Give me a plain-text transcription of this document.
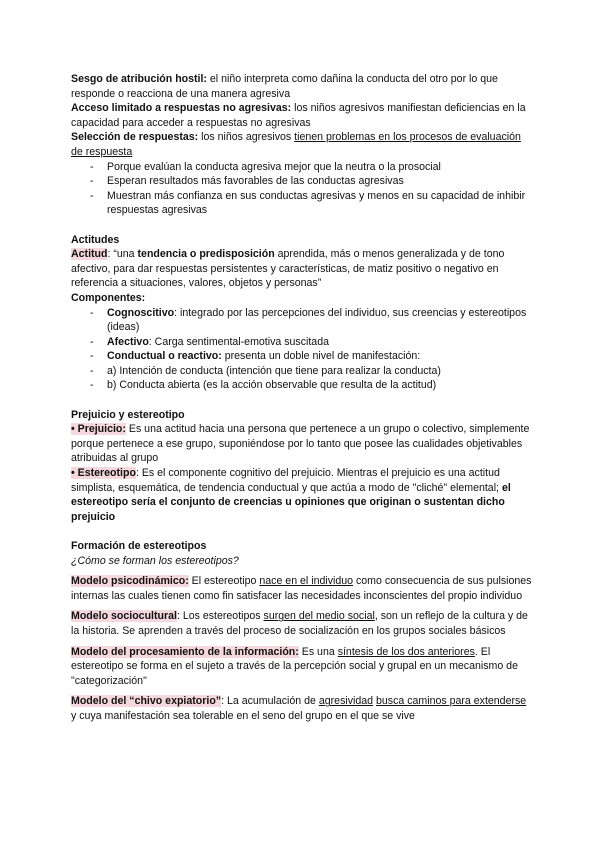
Sesgo de atribución hostil: el niño interpreta como dañina la conducta del otro por lo que responde o reacciona de una manera agresiva

Acceso limitado a respuestas no agresivas: los niños agresivos manifiestan deficiencias en la capacidad para acceder a respuestas no agresivas

Selección de respuestas: los niños agresivos tienen problemas en los procesos de evaluación de respuesta

- Porque evalúan la conducta agresiva mejor que la neutra o la prosocial
- Esperan resultados más favorables de las conductas agresivas
- Muestran más confianza en sus conductas agresivas y menos en su capacidad de inhibir respuestas agresivas

Actitudes

Actitud: “una tendencia o predisposición aprendida, más o menos generalizada y de tono afectivo, para dar respuestas persistentes y características, de matiz positivo o negativo en referencia a situaciones, valores, objetos y personas”

Componentes:

- Cognoscitivo: integrado por las percepciones del individuo, sus creencias y estereotipos (ideas)
- Afectivo: Carga sentimental-emotiva suscitada
- Conductual o reactivo: presenta un doble nivel de manifestación:
- a) Intención de conducta (intención que tiene para realizar la conducta)
- b) Conducta abierta (es la acción observable que resulta de la actitud)

Prejuicio y estereotipo

• Prejuicio: Es una actitud hacia una persona que pertenece a un grupo o colectivo, simplemente porque pertenece a ese grupo, suponiéndose por lo tanto que posee las cualidades objetivables atribuidas al grupo

• Estereotipo: Es el componente cognitivo del prejuicio. Mientras el prejuicio es una actitud simplista, esquemática, de tendencia conductual y que actúa a modo de "cliché" elemental; el estereotipo sería el conjunto de creencias u opiniones que originan o sustentan dicho prejuicio

Formación de estereotipos

¿Cómo se forman los estereotipos?

Modelo psicodinámico: El estereotipo nace en el individuo como consecuencia de sus pulsiones internas las cuales tienen como fin satisfacer las necesidades inconscientes del propio individuo

Modelo sociocultural: Los estereotipos surgen del medio social, son un reflejo de la cultura y de la historia. Se aprenden a través del proceso de socialización en los grupos sociales básicos

Modelo del procesamiento de la información: Es una síntesis de los dos anteriores. El estereotipo se forma en el sujeto a través de la percepción social y grupal en un mecanismo de "categorización"

Modelo del “chivo expiatorio”: La acumulación de agresividad busca caminos para extenderse y cuya manifestación sea tolerable en el seno del grupo en el que se vive
